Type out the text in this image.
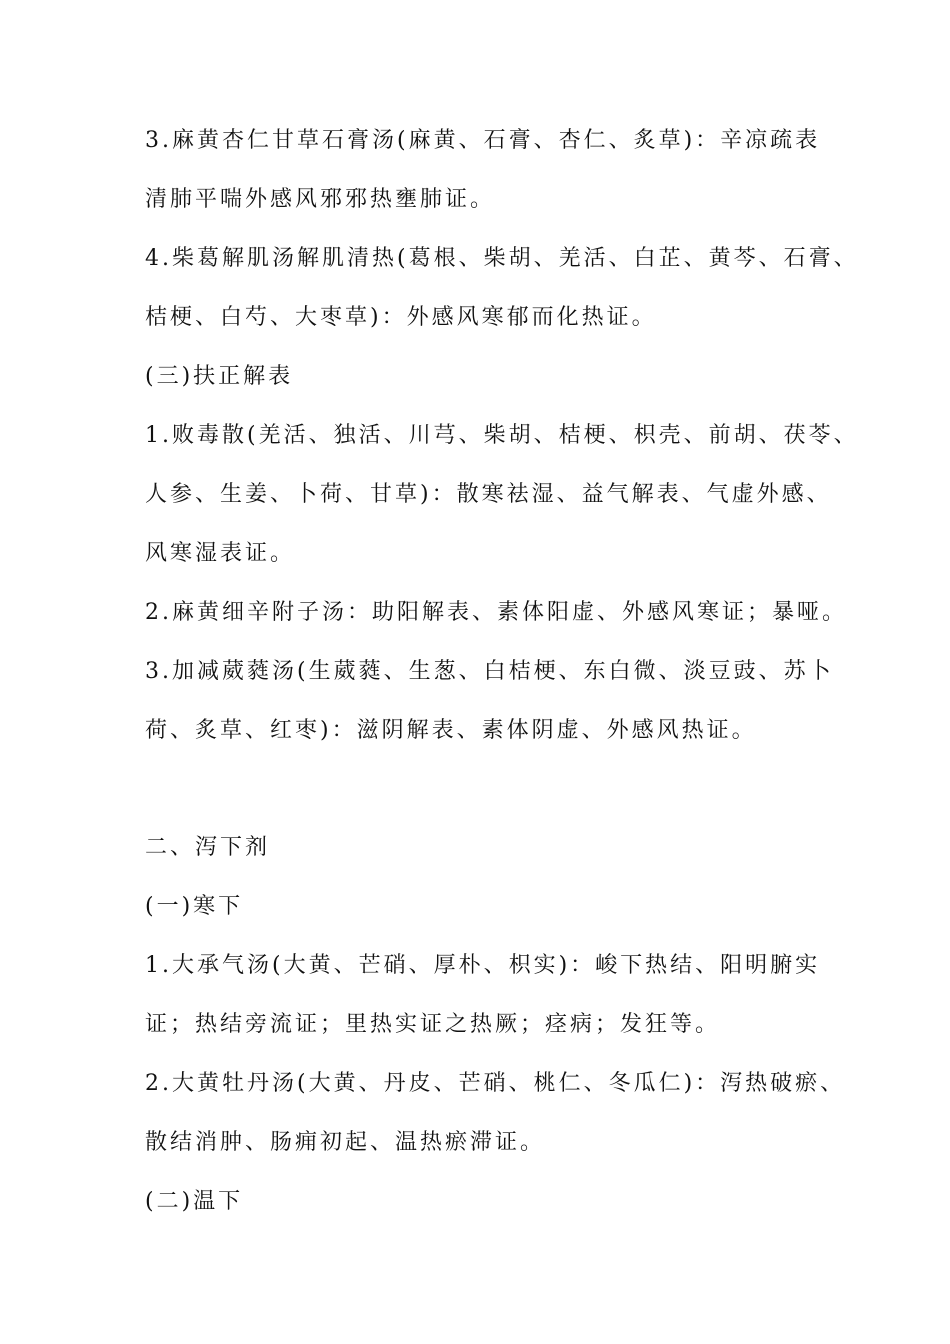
3.麻黄杏仁甘草石膏汤(麻黄、石膏、杏仁、炙草)：辛凉疏表
清肺平喘外感风邪邪热壅肺证。
4.柴葛解肌汤解肌清热(葛根、柴胡、羌活、白芷、黄芩、石膏、
桔梗、白芍、大枣草)：外感风寒郁而化热证。
(三)扶正解表
1.败毒散(羌活、独活、川芎、柴胡、桔梗、枳壳、前胡、茯苓、
人参、生姜、卜荷、甘草)：散寒祛湿、益气解表、气虚外感、
风寒湿表证。
2.麻黄细辛附子汤：助阳解表、素体阳虚、外感风寒证；暴哑。
3.加减葳蕤汤(生葳蕤、生葱、白桔梗、东白微、淡豆豉、苏卜
荷、炙草、红枣)：滋阴解表、素体阴虚、外感风热证。
二、泻下剂
(一)寒下
1.大承气汤(大黄、芒硝、厚朴、枳实)：峻下热结、阳明腑实
证；热结旁流证；里热实证之热厥；痉病；发狂等。
2.大黄牡丹汤(大黄、丹皮、芒硝、桃仁、冬瓜仁)：泻热破瘀、
散结消肿、肠痈初起、温热瘀滞证。
(二)温下
